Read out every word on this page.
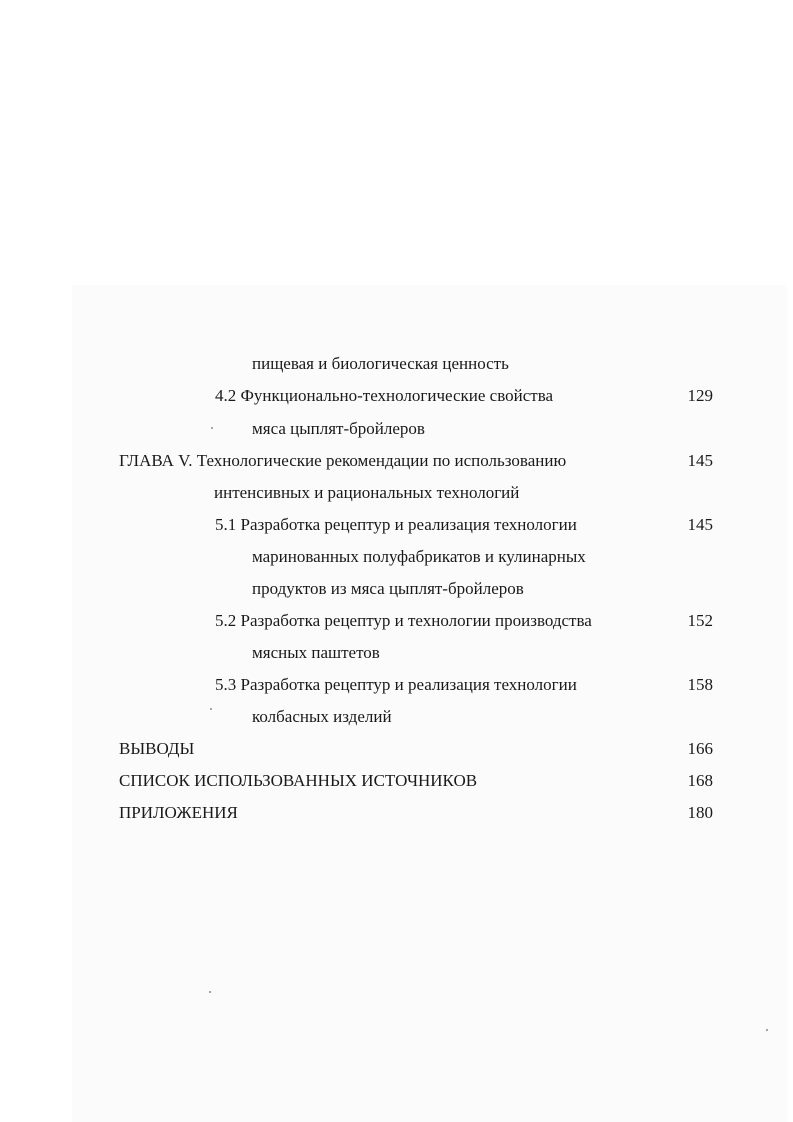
пищевая и биологическая ценность
4.2 Функционально-технологические свойства	129
мяса цыплят-бройлеров
ГЛАВА V. Технологические рекомендации по использованию	145
интенсивных и рациональных технологий
5.1 Разработка рецептур и реализация технологии	145
маринованных полуфабрикатов и кулинарных
продуктов из мяса цыплят-бройлеров
5.2 Разработка рецептур и технологии производства	152
мясных паштетов
5.3 Разработка рецептур и реализация технологии	158
колбасных изделий
ВЫВОДЫ	166
СПИСОК ИСПОЛЬЗОВАННЫХ ИСТОЧНИКОВ	168
ПРИЛОЖЕНИЯ	180
